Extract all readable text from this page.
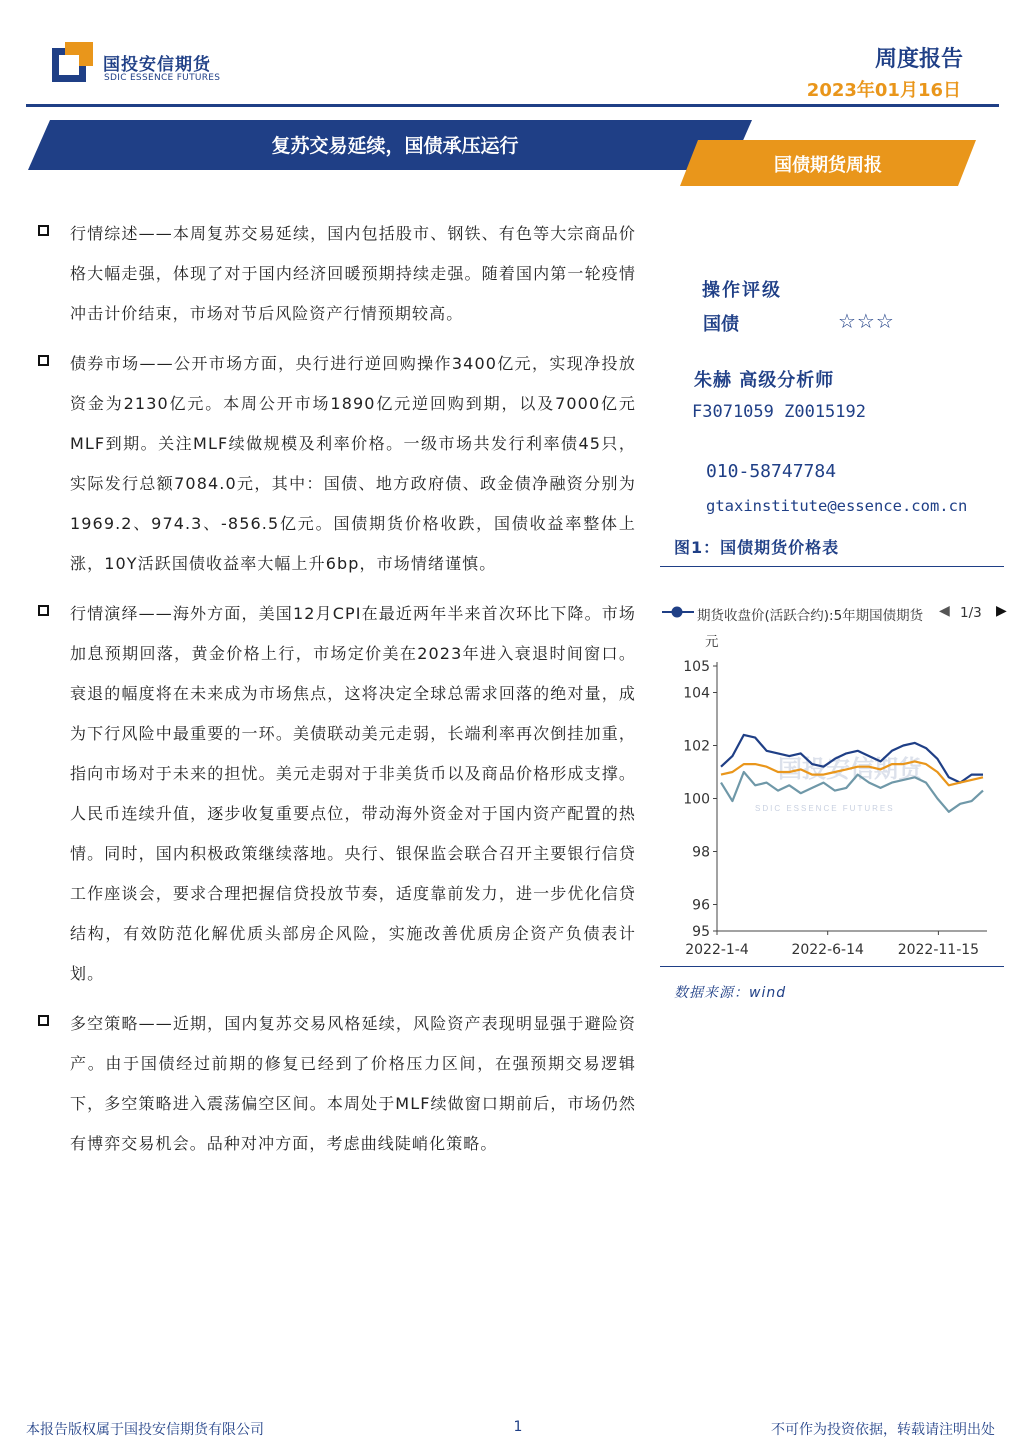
国投安信期货
SDIC ESSENCE FUTURES
周度报告
2023年01月16日
复苏交易延续，国债承压运行
国债期货周报
行情综述——本周复苏交易延续，国内包括股市、钢铁、有色等大宗商品价格大幅走强，体现了对于国内经济回暖预期持续走强。随着国内第一轮疫情冲击计价结束，市场对节后风险资产行情预期较高。
债券市场——公开市场方面，央行进行逆回购操作3400亿元，实现净投放资金为2130亿元。本周公开市场1890亿元逆回购到期，以及7000亿元MLF到期。关注MLF续做规模及利率价格。一级市场共发行利率债45只，实际发行总额7084.0元，其中：国债、地方政府债、政金债净融资分别为1969.2、974.3、-856.5亿元。国债期货价格收跌，国债收益率整体上涨，10Y活跃国债收益率大幅上升6bp，市场情绪谨慎。
行情演绎——海外方面，美国12月CPI在最近两年半来首次环比下降。市场加息预期回落，黄金价格上行，市场定价美在2023年进入衰退时间窗口。衰退的幅度将在未来成为市场焦点，这将决定全球总需求回落的绝对量，成为下行风险中最重要的一环。美债联动美元走弱，长端利率再次倒挂加重，指向市场对于未来的担忧。美元走弱对于非美货币以及商品价格形成支撑。人民币连续升值，逐步收复重要点位，带动海外资金对于国内资产配置的热情。同时，国内积极政策继续落地。央行、银保监会联合召开主要银行信贷工作座谈会，要求合理把握信贷投放节奏，适度靠前发力，进一步优化信贷结构，有效防范化解优质头部房企风险，实施改善优质房企资产负债表计划。
多空策略——近期，国内复苏交易风格延续，风险资产表现明显强于避险资产。由于国债经过前期的修复已经到了价格压力区间，在强预期交易逻辑下，多空策略进入震荡偏空区间。本周处于MLF续做窗口期前后，市场仍然有博弈交易机会。品种对冲方面，考虑曲线陡峭化策略。
操作评级
国债	☆☆☆
朱赫 高级分析师
F3071059 Z0015192
010-58747784
gtaxinstitute@essence.com.cn
图1：国债期货价格表
期货收盘价(活跃合约):5年期国债期货	◀ 1/3 ▶
元
国投安信期货
SDIC ESSENCE FUTURES
95
96
98
100
102
104
105
2022-1-4	2022-6-14 2022-11-15
数据来源：wind
本报告版权属于国投安信期货有限公司	1	不可作为投资依据，转载请注明出处
